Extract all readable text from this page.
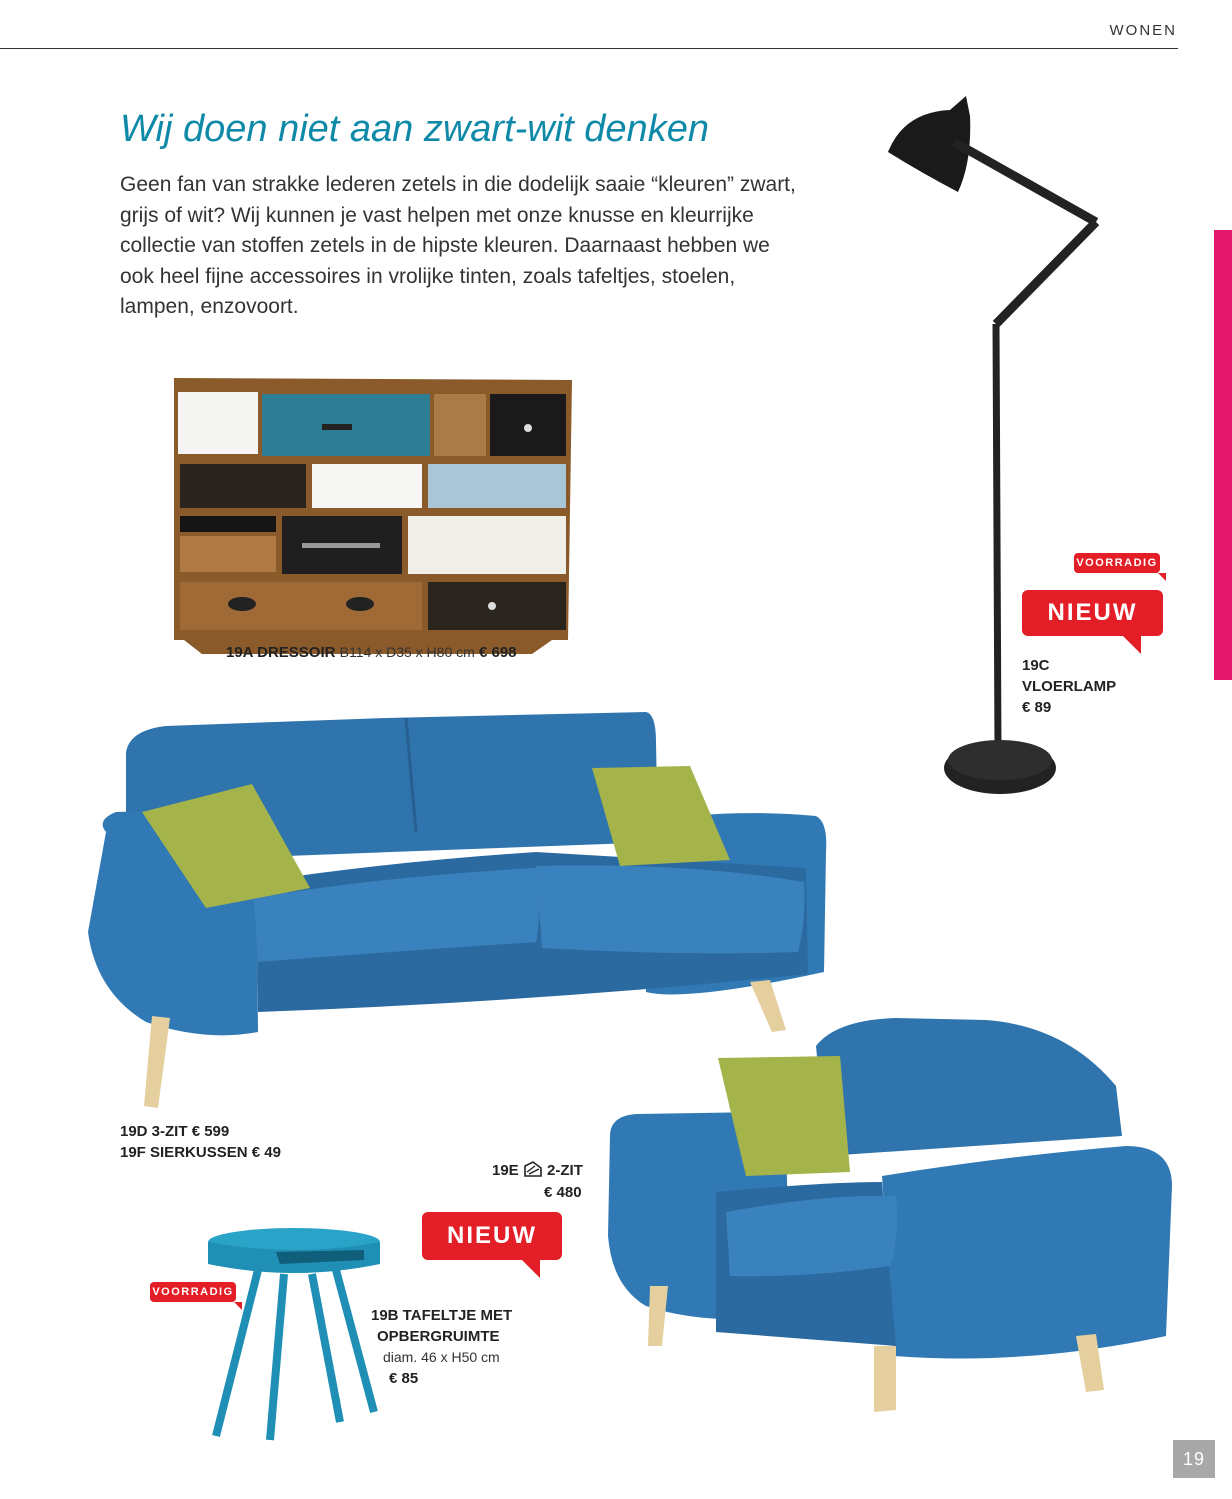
WONEN
Wij doen niet aan zwart-wit denken
Geen fan van strakke lederen zetels in die dodelijk saaie “kleuren” zwart, grijs of wit? Wij kunnen je vast helpen met onze knusse en kleurrijke collectie van stoffen zetels in de hipste kleuren. Daarnaast hebben we ook heel fijne accessoires in vrolijke tinten, zoals tafeltjes, stoelen, lampen, enzovoort.
19A DRESSOIR B114 x D35 x H80 cm € 698
VOORRADIG
NIEUW
19C
VLOERLAMP
€ 89
19D 3-ZIT € 599
19F SIERKUSSEN € 49
19E 2-ZIT
€ 480
NIEUW
VOORRADIG
19B TAFELTJE MET
OPBERGRUIMTE
diam. 46 x H50 cm
€ 85
19
